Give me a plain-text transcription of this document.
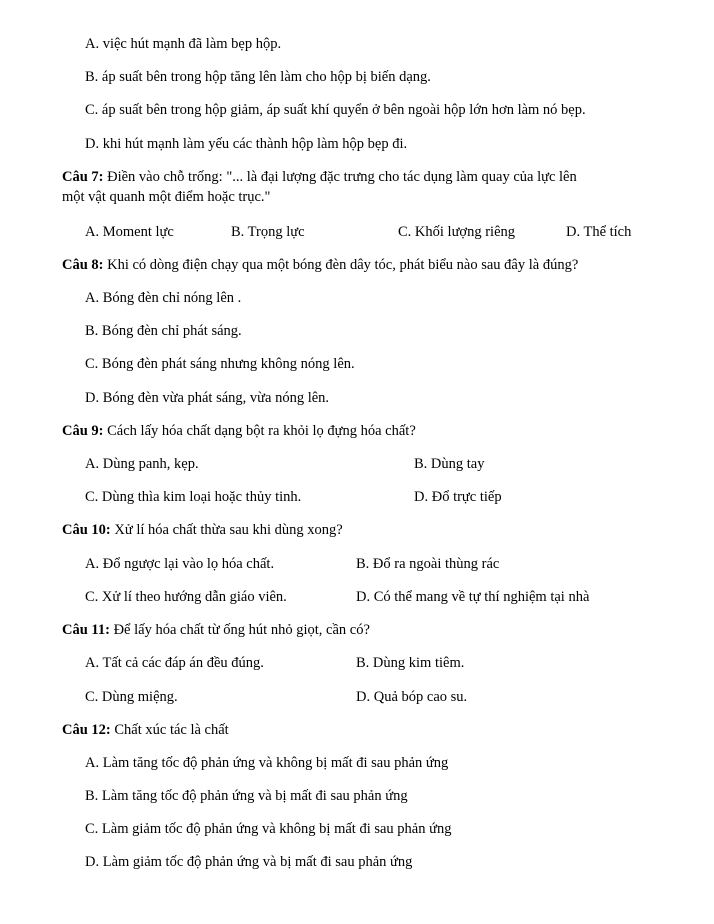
A. việc hút mạnh đã làm bẹp hộp.
B. áp suất bên trong hộp tăng lên làm cho hộp bị biến dạng.
C. áp suất bên trong hộp giảm, áp suất khí quyển ở bên ngoài hộp lớn hơn làm nó bẹp.
D. khi hút mạnh làm yếu các thành hộp làm hộp bẹp đi.
Câu 7: Điền vào chỗ trống: "... là đại lượng đặc trưng cho tác dụng làm quay của lực lên
một vật quanh một điểm hoặc trục."
A. Moment lực	B. Trọng lực	C. Khối lượng riêng	D. Thể tích
Câu 8: Khi có dòng điện chạy qua một bóng đèn dây tóc, phát biểu nào sau đây là đúng?
A. Bóng đèn chỉ nóng lên .
B. Bóng đèn chỉ phát sáng.
C. Bóng đèn phát sáng nhưng không nóng lên.
D. Bóng đèn vừa phát sáng, vừa nóng lên.
Câu 9: Cách lấy hóa chất dạng bột ra khỏi lọ đựng hóa chất?
A. Dùng panh, kẹp.	B. Dùng tay
C. Dùng thìa kim loại hoặc thủy tinh.	D. Đổ trực tiếp
Câu 10: Xử lí hóa chất thừa sau khi dùng xong?
A. Đổ ngược lại vào lọ hóa chất.	B. Đổ ra ngoài thùng rác
C. Xử lí theo hướng dẫn giáo viên.	D. Có thể mang về tự thí nghiệm tại nhà
Câu 11: Để lấy hóa chất từ ống hút nhỏ giọt, cần có?
A. Tất cả các đáp án đều đúng.	B. Dùng kim tiêm.
C. Dùng miệng.	D. Quả bóp cao su.
Câu 12: Chất xúc tác là chất
A. Làm tăng tốc độ phản ứng và không bị mất đi sau phản ứng
B. Làm tăng tốc độ phản ứng và bị mất đi sau phản ứng
C. Làm giảm tốc độ phản ứng và không bị mất đi sau phản ứng
D. Làm giảm tốc độ phản ứng và bị mất đi sau phản ứng
